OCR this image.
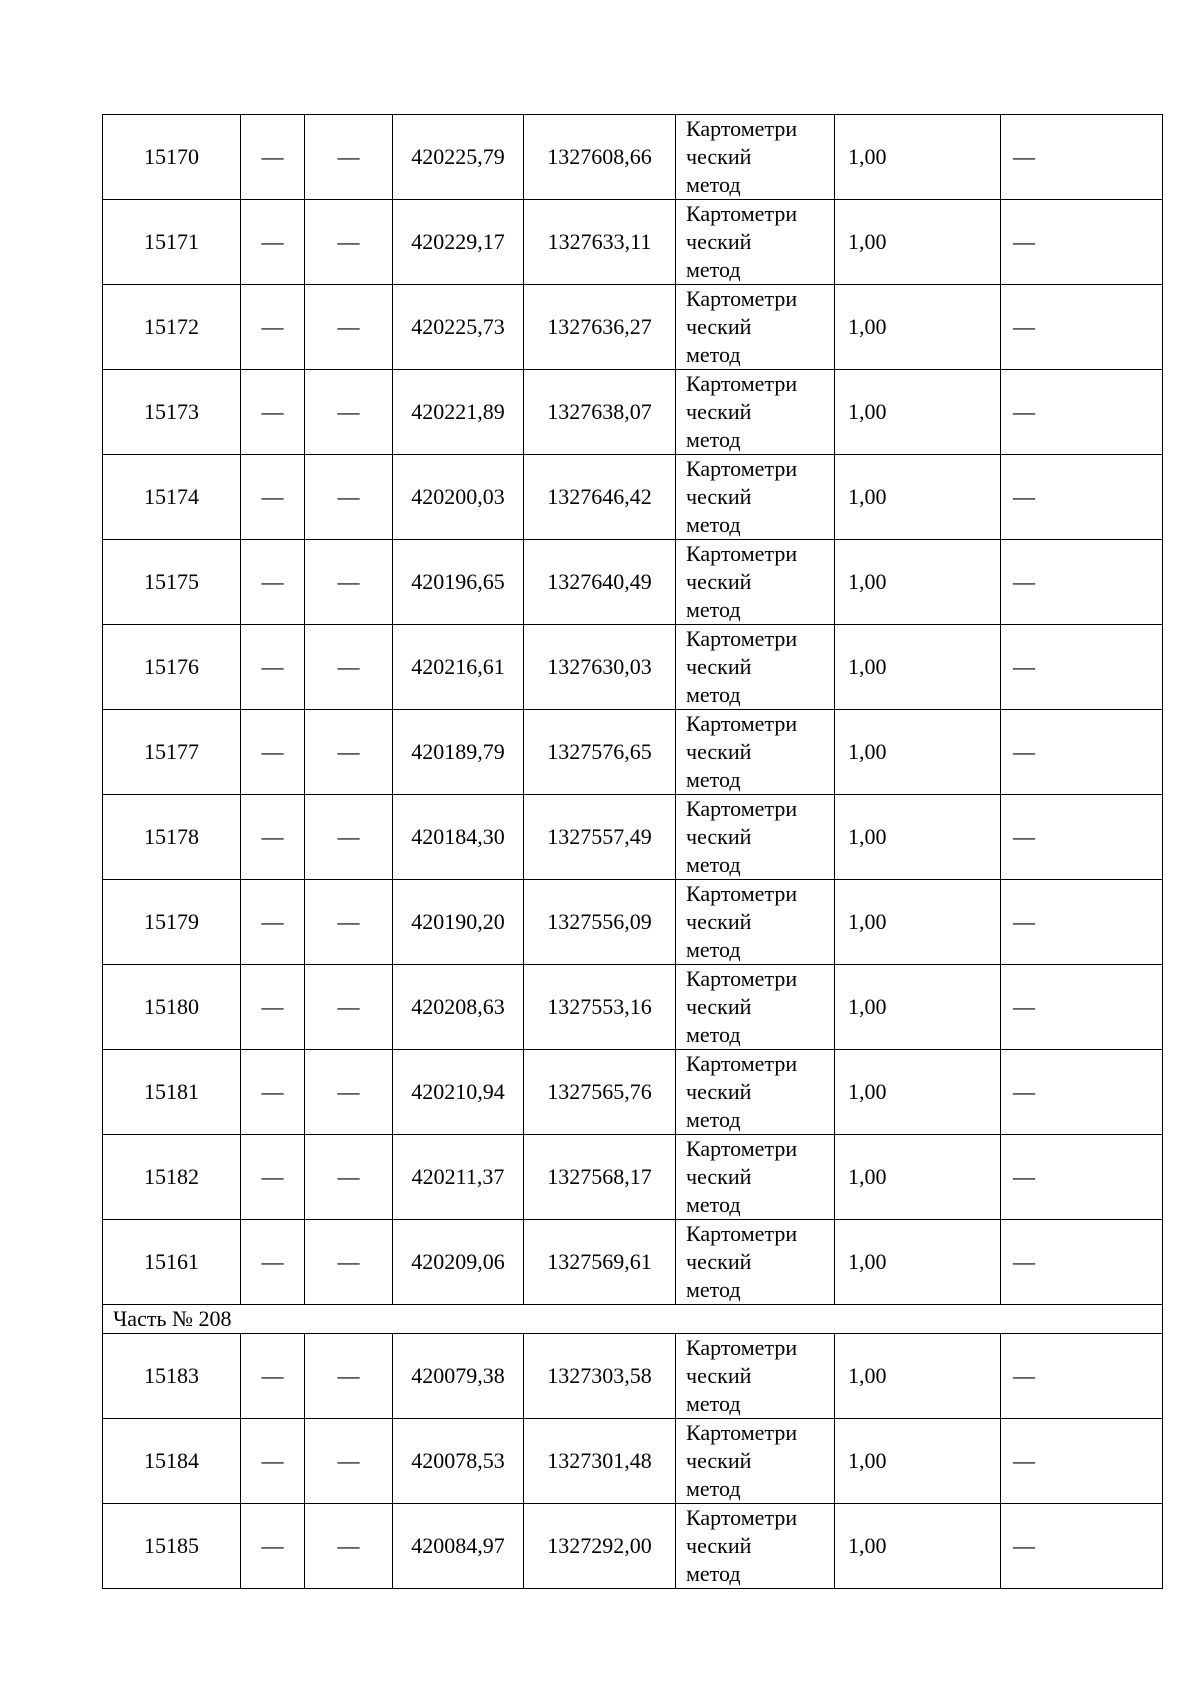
15170	—	—	420225,79	1327608,66	Картометри
ческий
метод	1,00	—
15171	—	—	420229,17	1327633,11	Картометри
ческий
метод	1,00	—
15172	—	—	420225,73	1327636,27	Картометри
ческий
метод	1,00	—
15173	—	—	420221,89	1327638,07	Картометри
ческий
метод	1,00	—
15174	—	—	420200,03	1327646,42	Картометри
ческий
метод	1,00	—
15175	—	—	420196,65	1327640,49	Картометри
ческий
метод	1,00	—
15176	—	—	420216,61	1327630,03	Картометри
ческий
метод	1,00	—
15177	—	—	420189,79	1327576,65	Картометри
ческий
метод	1,00	—
15178	—	—	420184,30	1327557,49	Картометри
ческий
метод	1,00	—
15179	—	—	420190,20	1327556,09	Картометри
ческий
метод	1,00	—
15180	—	—	420208,63	1327553,16	Картометри
ческий
метод	1,00	—
15181	—	—	420210,94	1327565,76	Картометри
ческий
метод	1,00	—
15182	—	—	420211,37	1327568,17	Картометри
ческий
метод	1,00	—
15161	—	—	420209,06	1327569,61	Картометри
ческий
метод	1,00	—
Часть № 208							
15183	—	—	420079,38	1327303,58	Картометри
ческий
метод	1,00	—
15184	—	—	420078,53	1327301,48	Картометри
ческий
метод	1,00	—
15185	—	—	420084,97	1327292,00	Картометри
ческий
метод	1,00	—
